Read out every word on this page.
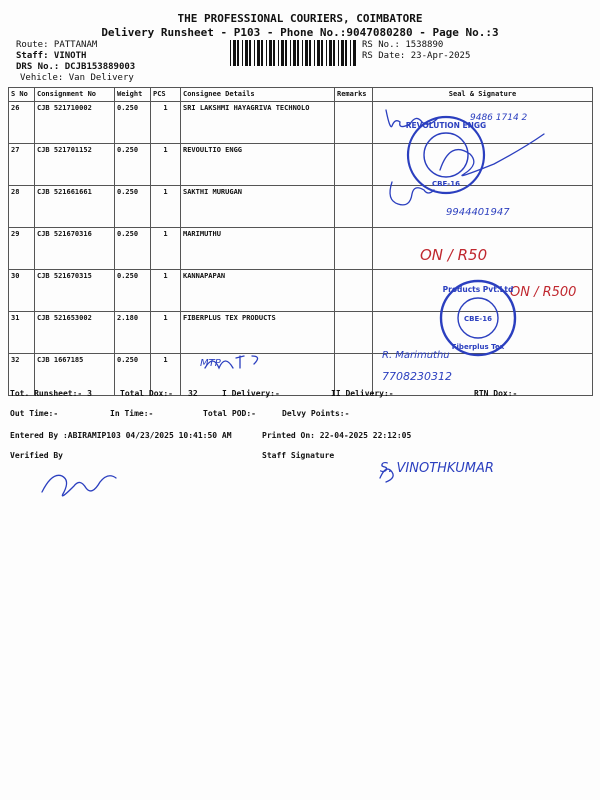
THE PROFESSIONAL COURIERS, COIMBATORE
Delivery Runsheet - P103 - Phone No.:9047080280 - Page No.:3
Route: PATTANAM
Staff: VINOTH
DRS No.: DCJB153889003
Vehicle: Van Delivery
RS No.: 1538890
RS Date: 23-Apr-2025
S No	Consignment No	Weight	PCS	Consignee Details	Remarks	Seal & Signature
26	CJB 521710002	0.250	1	SRI LAKSHMI HAYAGRIVA TECHNOLO		
27	CJB 521701152	0.250	1	REVOULTIO ENGG		
28	CJB 521661661	0.250	1	SAKTHI MURUGAN		
29	CJB 521670316	0.250	1	MARIMUTHU		
30	CJB 521670315	0.250	1	KANNAPAPAN		
31	CJB 521653002	2.180	1	FIBERPLUS TEX PRODUCTS		
32	CJB 1667185	0.250	1			
Tot. Runsheet:- 3	Total Dox:- 32	I Delivery:-	II Delivery:-	RTN Dox:-
Out Time:-	In Time:-	Total POD:-	Delvy Points:-
Entered By :ABIRAMIP103 04/23/2025 10:41:50 AM	Printed On: 22-04-2025 22:12:05
Verified By	Staff Signature
9486 1714 2
9944401947
R. Marimuthu
7708230312
MTP
S. VINOTHKUMAR
ON / R50
ON / R500
REVOLUTION ENGG
CBE-16
Products Pvt.Ltd
Fiberplus Tex
CBE-16
